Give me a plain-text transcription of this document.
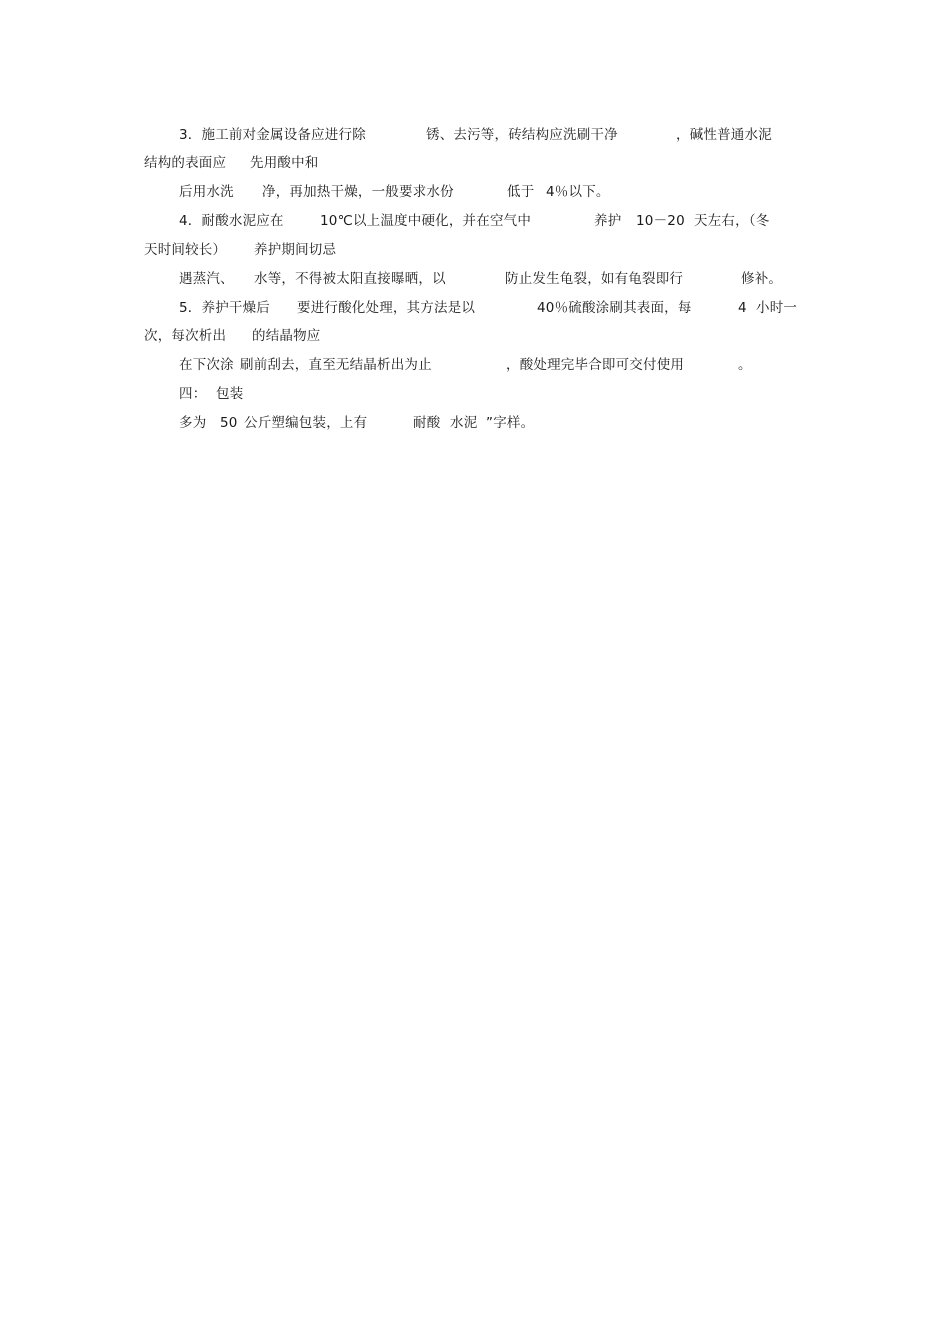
3．施工前对金属设备应进行除	锈、去污等，砖结构应洗刷干净	，碱性普通水泥
结构的表面应 先用酸中和
后用水洗 净，再加热干燥，一般要求水份	低于 4％以下。
4．耐酸水泥应在	10℃以上温度中硬化，并在空气中	养护 10－20 天左右，（冬
天时间较长） 养护期间切忌
遇蒸汽、 水等，不得被太阳直接曝晒，以	防止发生龟裂，如有龟裂即行	修补。
5．养护干燥后 要进行酸化处理，其方法是以	40％硫酸涂刷其表面，每	4 小时一
次，每次析出 的结晶物应
在下次涂 刷前刮去，直至无结晶析出为止	，酸处理完毕合即可交付使用	。
四： 包装
多为 50 公斤塑编包装，上有	耐酸 水泥 ”字样。
